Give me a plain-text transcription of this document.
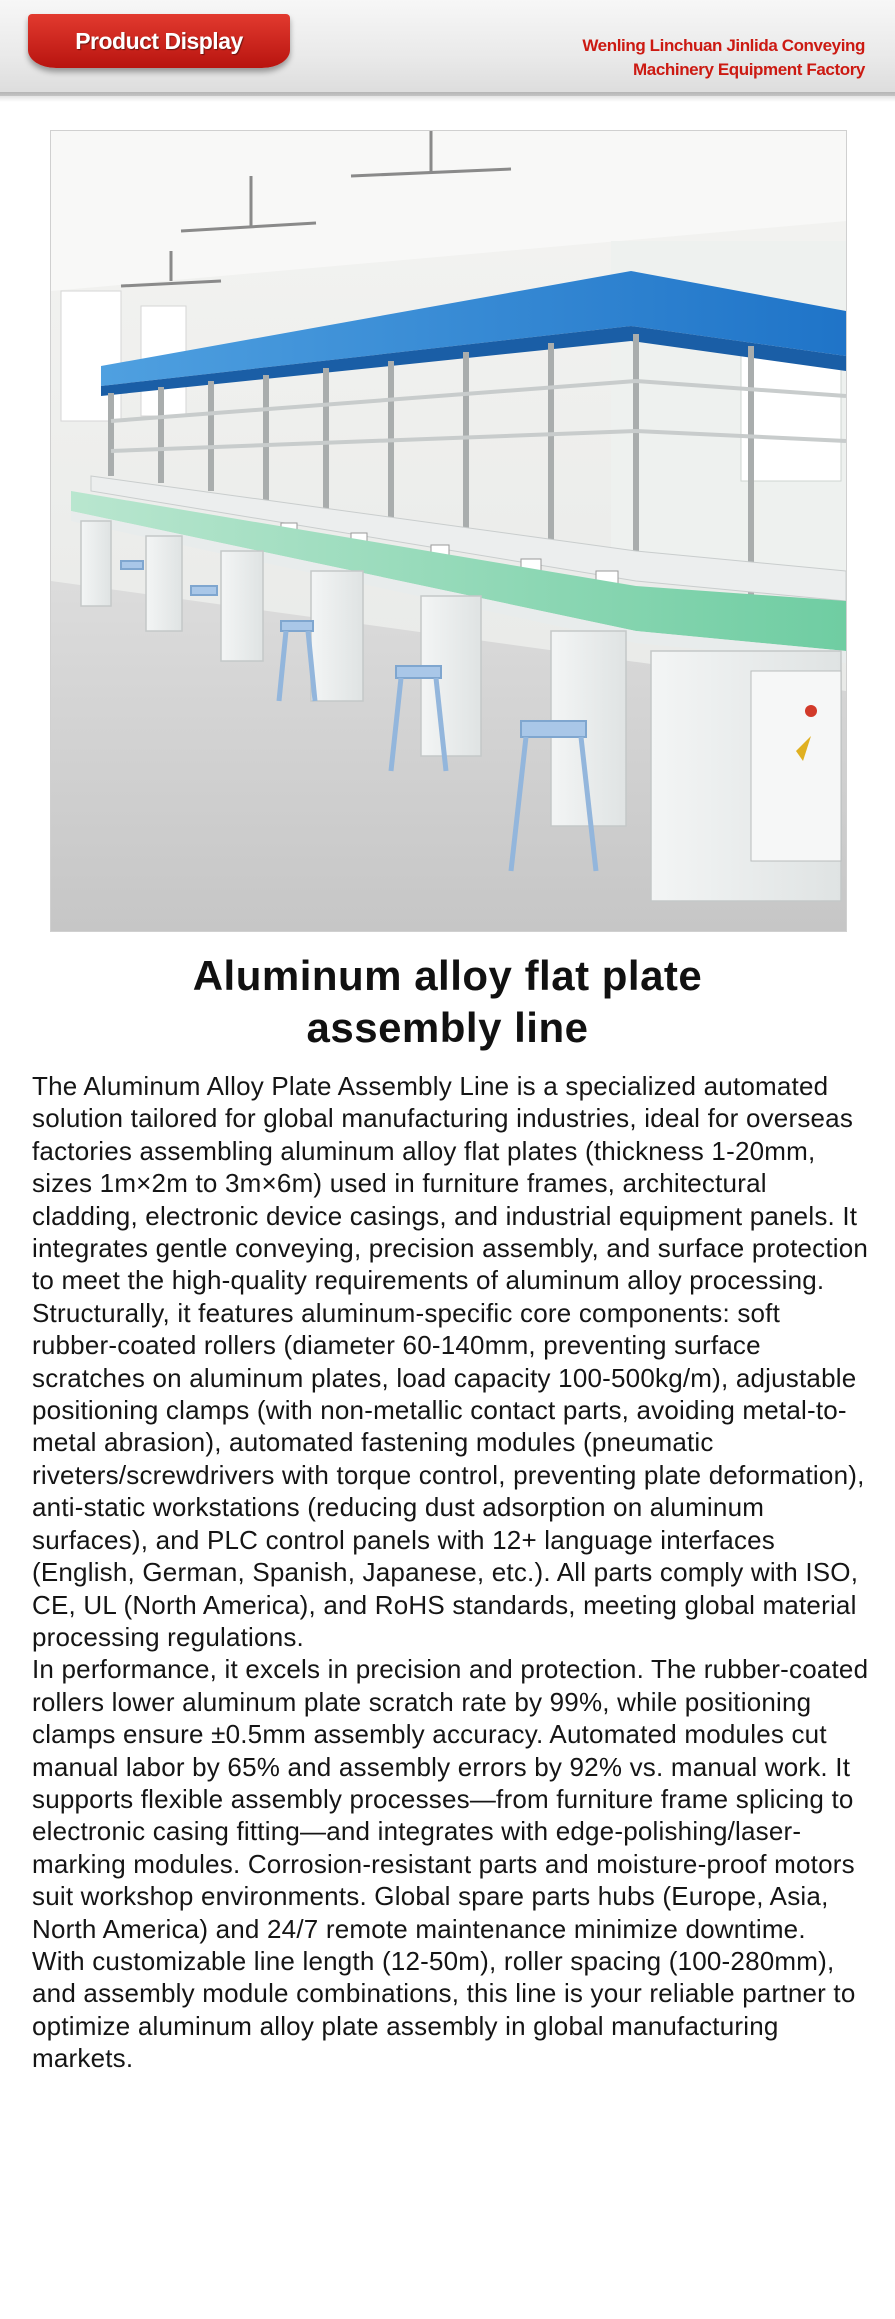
Product Display	Wenling Linchuan Jinlida Conveying
Machinery Equipment Factory
Aluminum alloy flat plate
assembly line

The Aluminum Alloy Plate Assembly Line is a specialized automated solution tailored for global manufacturing industries, ideal for overseas factories assembling aluminum alloy flat plates (thickness 1-20mm, sizes 1m×2m to 3m×6m) used in furniture frames, architectural cladding, electronic device casings, and industrial equipment panels. It integrates gentle conveying, precision assembly, and surface protection to meet the high-quality requirements of aluminum alloy processing.

Structurally, it features aluminum-specific core components: soft rubber-coated rollers (diameter 60-140mm, preventing surface scratches on aluminum plates, load capacity 100-500kg/m), adjustable positioning clamps (with non-metallic contact parts, avoiding metal-to-metal abrasion), automated fastening modules (pneumatic riveters/screwdrivers with torque control, preventing plate deformation), anti-static workstations (reducing dust adsorption on aluminum surfaces), and PLC control panels with 12+ language interfaces (English, German, Spanish, Japanese, etc.). All parts comply with ISO, CE, UL (North America), and RoHS standards, meeting global material processing regulations.

In performance, it excels in precision and protection. The rubber-coated rollers lower aluminum plate scratch rate by 99%, while positioning clamps ensure ±0.5mm assembly accuracy. Automated modules cut manual labor by 65% and assembly errors by 92% vs. manual work. It supports flexible assembly processes—from furniture frame splicing to electronic casing fitting—and integrates with edge-polishing/laser-marking modules. Corrosion-resistant parts and moisture-proof motors suit workshop environments. Global spare parts hubs (Europe, Asia, North America) and 24/7 remote maintenance minimize downtime.

With customizable line length (12-50m), roller spacing (100-280mm), and assembly module combinations, this line is your reliable partner to optimize aluminum alloy plate assembly in global manufacturing markets.
